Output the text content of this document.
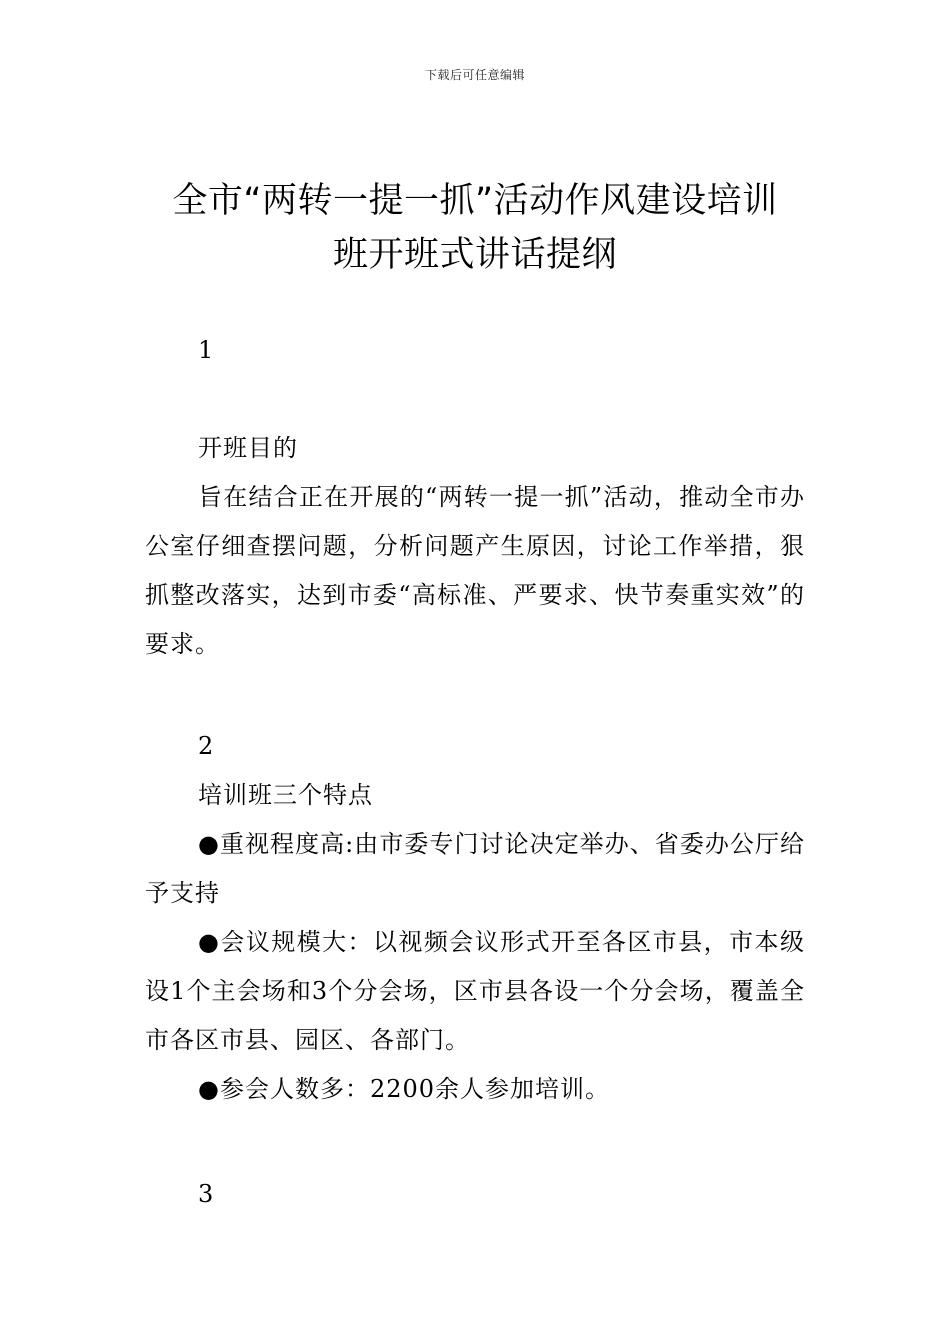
下载后可任意编辑
全市“两转一提一抓”活动作风建设培训
班开班式讲话提纲

1

开班目的

旨在结合正在开展的“两转一提一抓”活动，推动全市办公室仔细查摆问题，分析问题产生原因，讨论工作举措，狠抓整改落实，达到市委“高标准、严要求、快节奏重实效”的要求。

2

培训班三个特点

●重视程度高:由市委专门讨论决定举办、省委办公厅给予支持

●会议规模大：以视频会议形式开至各区市县，市本级设1个主会场和3个分会场，区市县各设一个分会场，覆盖全市各区市县、园区、各部门。

●参会人数多：2200余人参加培训。

3
